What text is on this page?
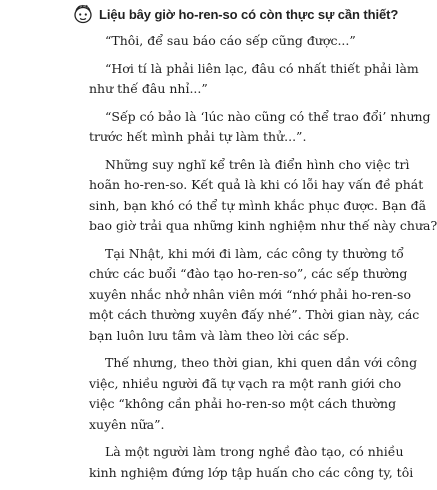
Liệu bây giờ ho-ren-so có còn thực sự cần thiết?
“Thôi, để sau báo cáo sếp cũng được...”
“Hơi tí là phải liên lạc, đâu có nhất thiết phải làm
như thế đâu nhỉ...”
“Sếp có bảo là ‘lúc nào cũng có thể trao đổi’ nhưng
trước hết mình phải tự làm thử...”.
Những suy nghĩ kể trên là điển hình cho việc trì
hoãn ho-ren-so. Kết quả là khi có lỗi hay vấn đề phát
sinh, bạn khó có thể tự mình khắc phục được. Bạn đã
bao giờ trải qua những kinh nghiệm như thế này chưa?
Tại Nhật, khi mới đi làm, các công ty thường tổ
chức các buổi “đào tạo ho-ren-so”, các sếp thường
xuyên nhắc nhở nhân viên mới “nhớ phải ho-ren-so
một cách thường xuyên đấy nhé”. Thời gian này, các
bạn luôn lưu tâm và làm theo lời các sếp.
Thế nhưng, theo thời gian, khi quen dần với công
việc, nhiều người đã tự vạch ra một ranh giới cho
việc “không cần phải ho-ren-so một cách thường
xuyên nữa”.
Là một người làm trong nghề đào tạo, có nhiều
kinh nghiệm đứng lớp tập huấn cho các công ty, tôi
